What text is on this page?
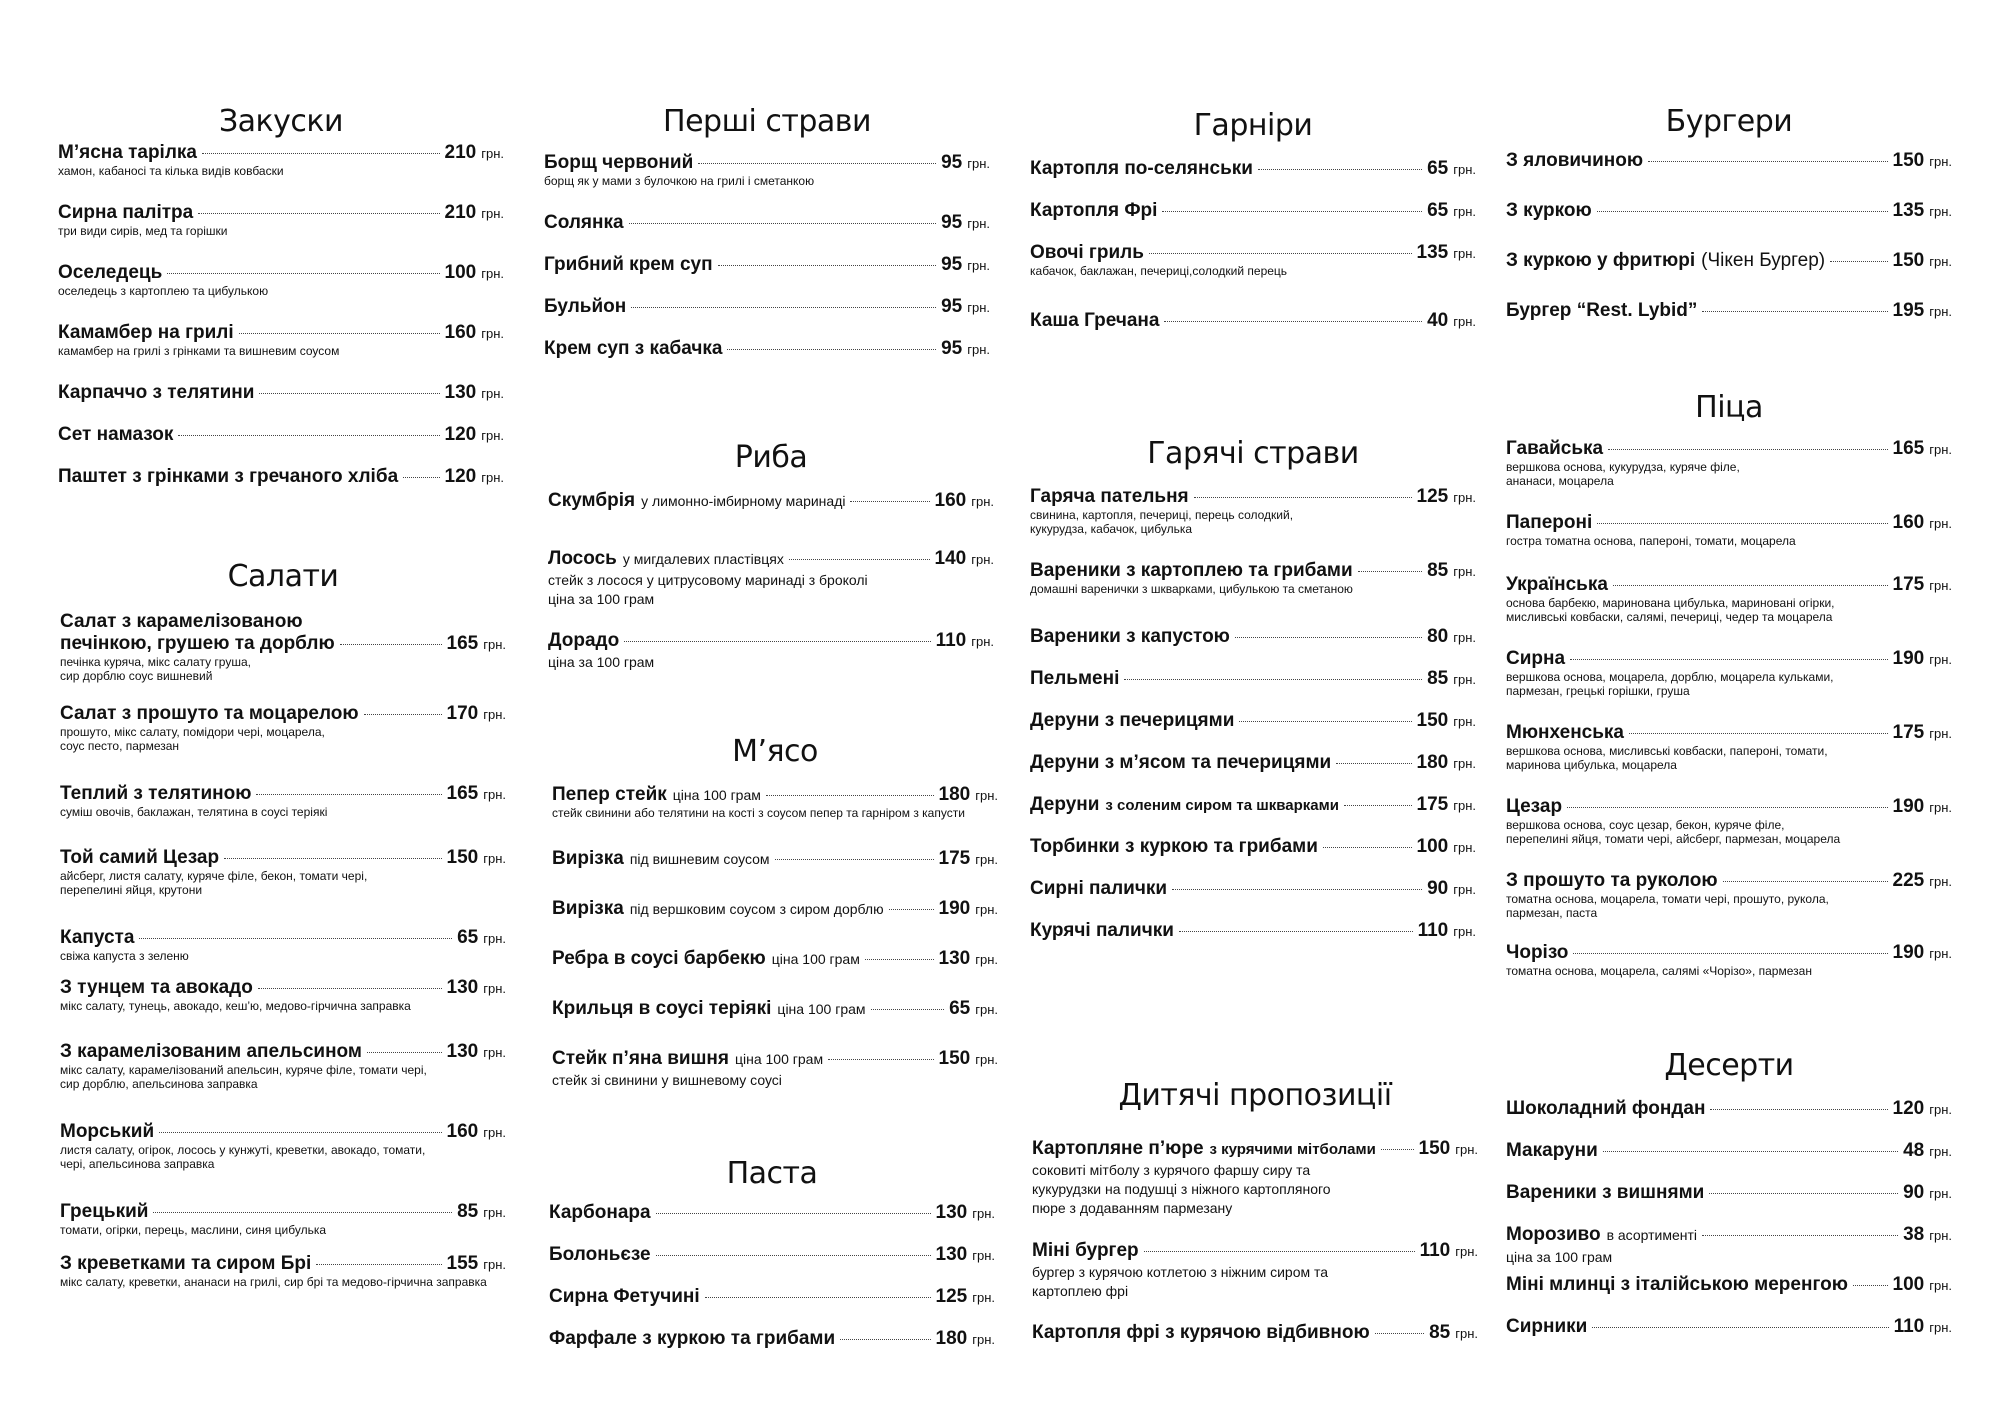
Закуски
М’ясна тарілка	210 грн.
хамон, кабаносі та кілька видів ковбаски
Сирна палітра	210 грн.
три види сирів, мед та горішки
Оселедець	100 грн.
оселедець з картоплею та цибулькою
Камамбер на грилі	160 грн.
камамбер на грилі з грінками та вишневим соусом
Карпаччо з телятини	130 грн.
Сет намазок	120 грн.
Паштет з грінками з гречаного хліба 120 грн.
Салати
Салат з карамелізованою
печінкою, грушею та дорблю	165 грн.
печінка куряча, мікс салату груша,
сир дорблю соус вишневий
Салат з прошуто та моцарелою	170 грн.
прошуто, мікс салату, помідори чері, моцарела,
соус песто, пармезан
Теплий з телятиною	165 грн.
суміш овочів, баклажан, телятина в соусі теріякі
Той самий Цезар	150 грн.
айсберг, листя салату, куряче філе, бекон, томати чері,
перепелині яйця, крутони
Капуста	65 грн.
свіжа капуста з зеленю
З тунцем та авокадо	130 грн.
мікс салату, тунець, авокадо, кеш’ю, медово-гірчична заправка
З карамелізованим апельсином	130 грн.
мікс салату, карамелізований апельсин, куряче філе, томати чері,
сир дорблю, апельсинова заправка
Морський	160 грн.
листя салату, огірок, лосось у кунжуті, креветки, авокадо, томати,
чері, апельсинова заправка
Грецький	85 грн.
томати, огірки, перець, маслини, синя цибулька
З креветками та сиром Брі	155 грн.
мікс салату, креветки, ананаси на грилі, сир брі та медово-гірчична заправка
Перші страви
Борщ червоний	95 грн.
борщ як у мами з булочкою на грилі і сметанкою
Солянка	95 грн.
Грибний крем суп	95 грн.
Бульйон	95 грн.
Крем суп з кабачка	95 грн.
Риба
Скумбрія у лимонно-імбирному маринаді	160 грн.
Лосось у мигдалевих пластівцях	140 грн.
стейк з лосося у цитрусовому маринаді з броколі
ціна за 100 грам
Дорадо	110 грн.
ціна за 100 грам
М’ясо
Пепер стейк ціна 100 грам	180 грн.
стейк свинини або телятини на кості з соусом пепер та гарніром з капусти
Вирізка під вишневим соусом	175 грн.
Вирізка під вершковим соусом з сиром дорблю	190 грн.
Ребра в соусі барбекю ціна 100 грам	130 грн.
Крильця в соусі теріякі ціна 100 грам	65 грн.
Стейк п’яна вишня ціна 100 грам	150 грн.
стейк зі свинини у вишневому соусі
Паста
Карбонара	130 грн.
Болоньєзе	130 грн.
Сирна Фетучині	125 грн.
Фарфале з куркою та грибами	180 грн.
Гарніри
Картопля по-селянськи	65 грн.
Картопля Фрі	65 грн.
Овочі гриль	135 грн.
кабачок, баклажан, печериці,солодкий перець
Каша Гречана	40 грн.
Гарячі страви
Гаряча пательня	125 грн.
свинина, картопля, печериці, перець солодкий,
кукурудза, кабачок, цибулька
Вареники з картоплею та грибами	85 грн.
домашні варенички з шкварками, цибулькою та сметаною
Вареники з капустою	80 грн.
Пельмені	85 грн.
Деруни з печерицями	150 грн.
Деруни з м’ясом та печерицями	180 грн.
Деруни з соленим сиром та шкварками	175 грн.
Торбинки з куркою та грибами	100 грн.
Сирні палички	90 грн.
Курячі палички	110 грн.
Дитячі пропозиції
Картопляне п’юре з курячими мітболами 150 грн.
соковиті мітболу з курячого фаршу сиру та
кукурудзки на подушці з ніжного картопляного
пюре з додаванням пармезану
Міні бургер	110 грн.
бургер з курячою котлетою з ніжним сиром та
картоплею фрі
Картопля фрі з курячою відбивною	85 грн.
Бургери
З яловичиною	150 грн.
З куркою	135 грн.
З куркою у фритюрі (Чікен Бургер)	150 грн.
Бургер “Rest. Lybid”	195 грн.
Піца
Гавайська	165 грн.
вершкова основа, кукурудза, куряче філе,
ананаси, моцарела
Папероні	160 грн.
гостра томатна основа, папероні, томати, моцарела
Українська	175 грн.
основа барбекю, маринована цибулька, мариновані огірки,
мисливські ковбаски, салямі, печериці, чедер та моцарела
Сирна	190 грн.
вершкова основа, моцарела, дорблю, моцарела кульками,
пармезан, грецькі горішки, груша
Мюнхенська	175 грн.
вершкова основа, мисливські ковбаски, папероні, томати,
маринова цибулька, моцарела
Цезар	190 грн.
вершкова основа, соус цезар, бекон, куряче філе,
перепелині яйця, томати чері, айсберг, пармезан, моцарела
З прошуто та руколою	225 грн.
томатна основа, моцарела, томати чері, прошуто, рукола,
пармезан, паста
Чорізо	190 грн.
томатна основа, моцарела, салямі «Чорізо», пармезан
Десерти
Шоколадний фондан	120 грн.
Макаруни	48 грн.
Вареники з вишнями	90 грн.
Морозиво в асортименті	38 грн.
ціна за 100 грам
Міні млинці з італійською меренгою 100 грн.
Сирники	110 грн.
